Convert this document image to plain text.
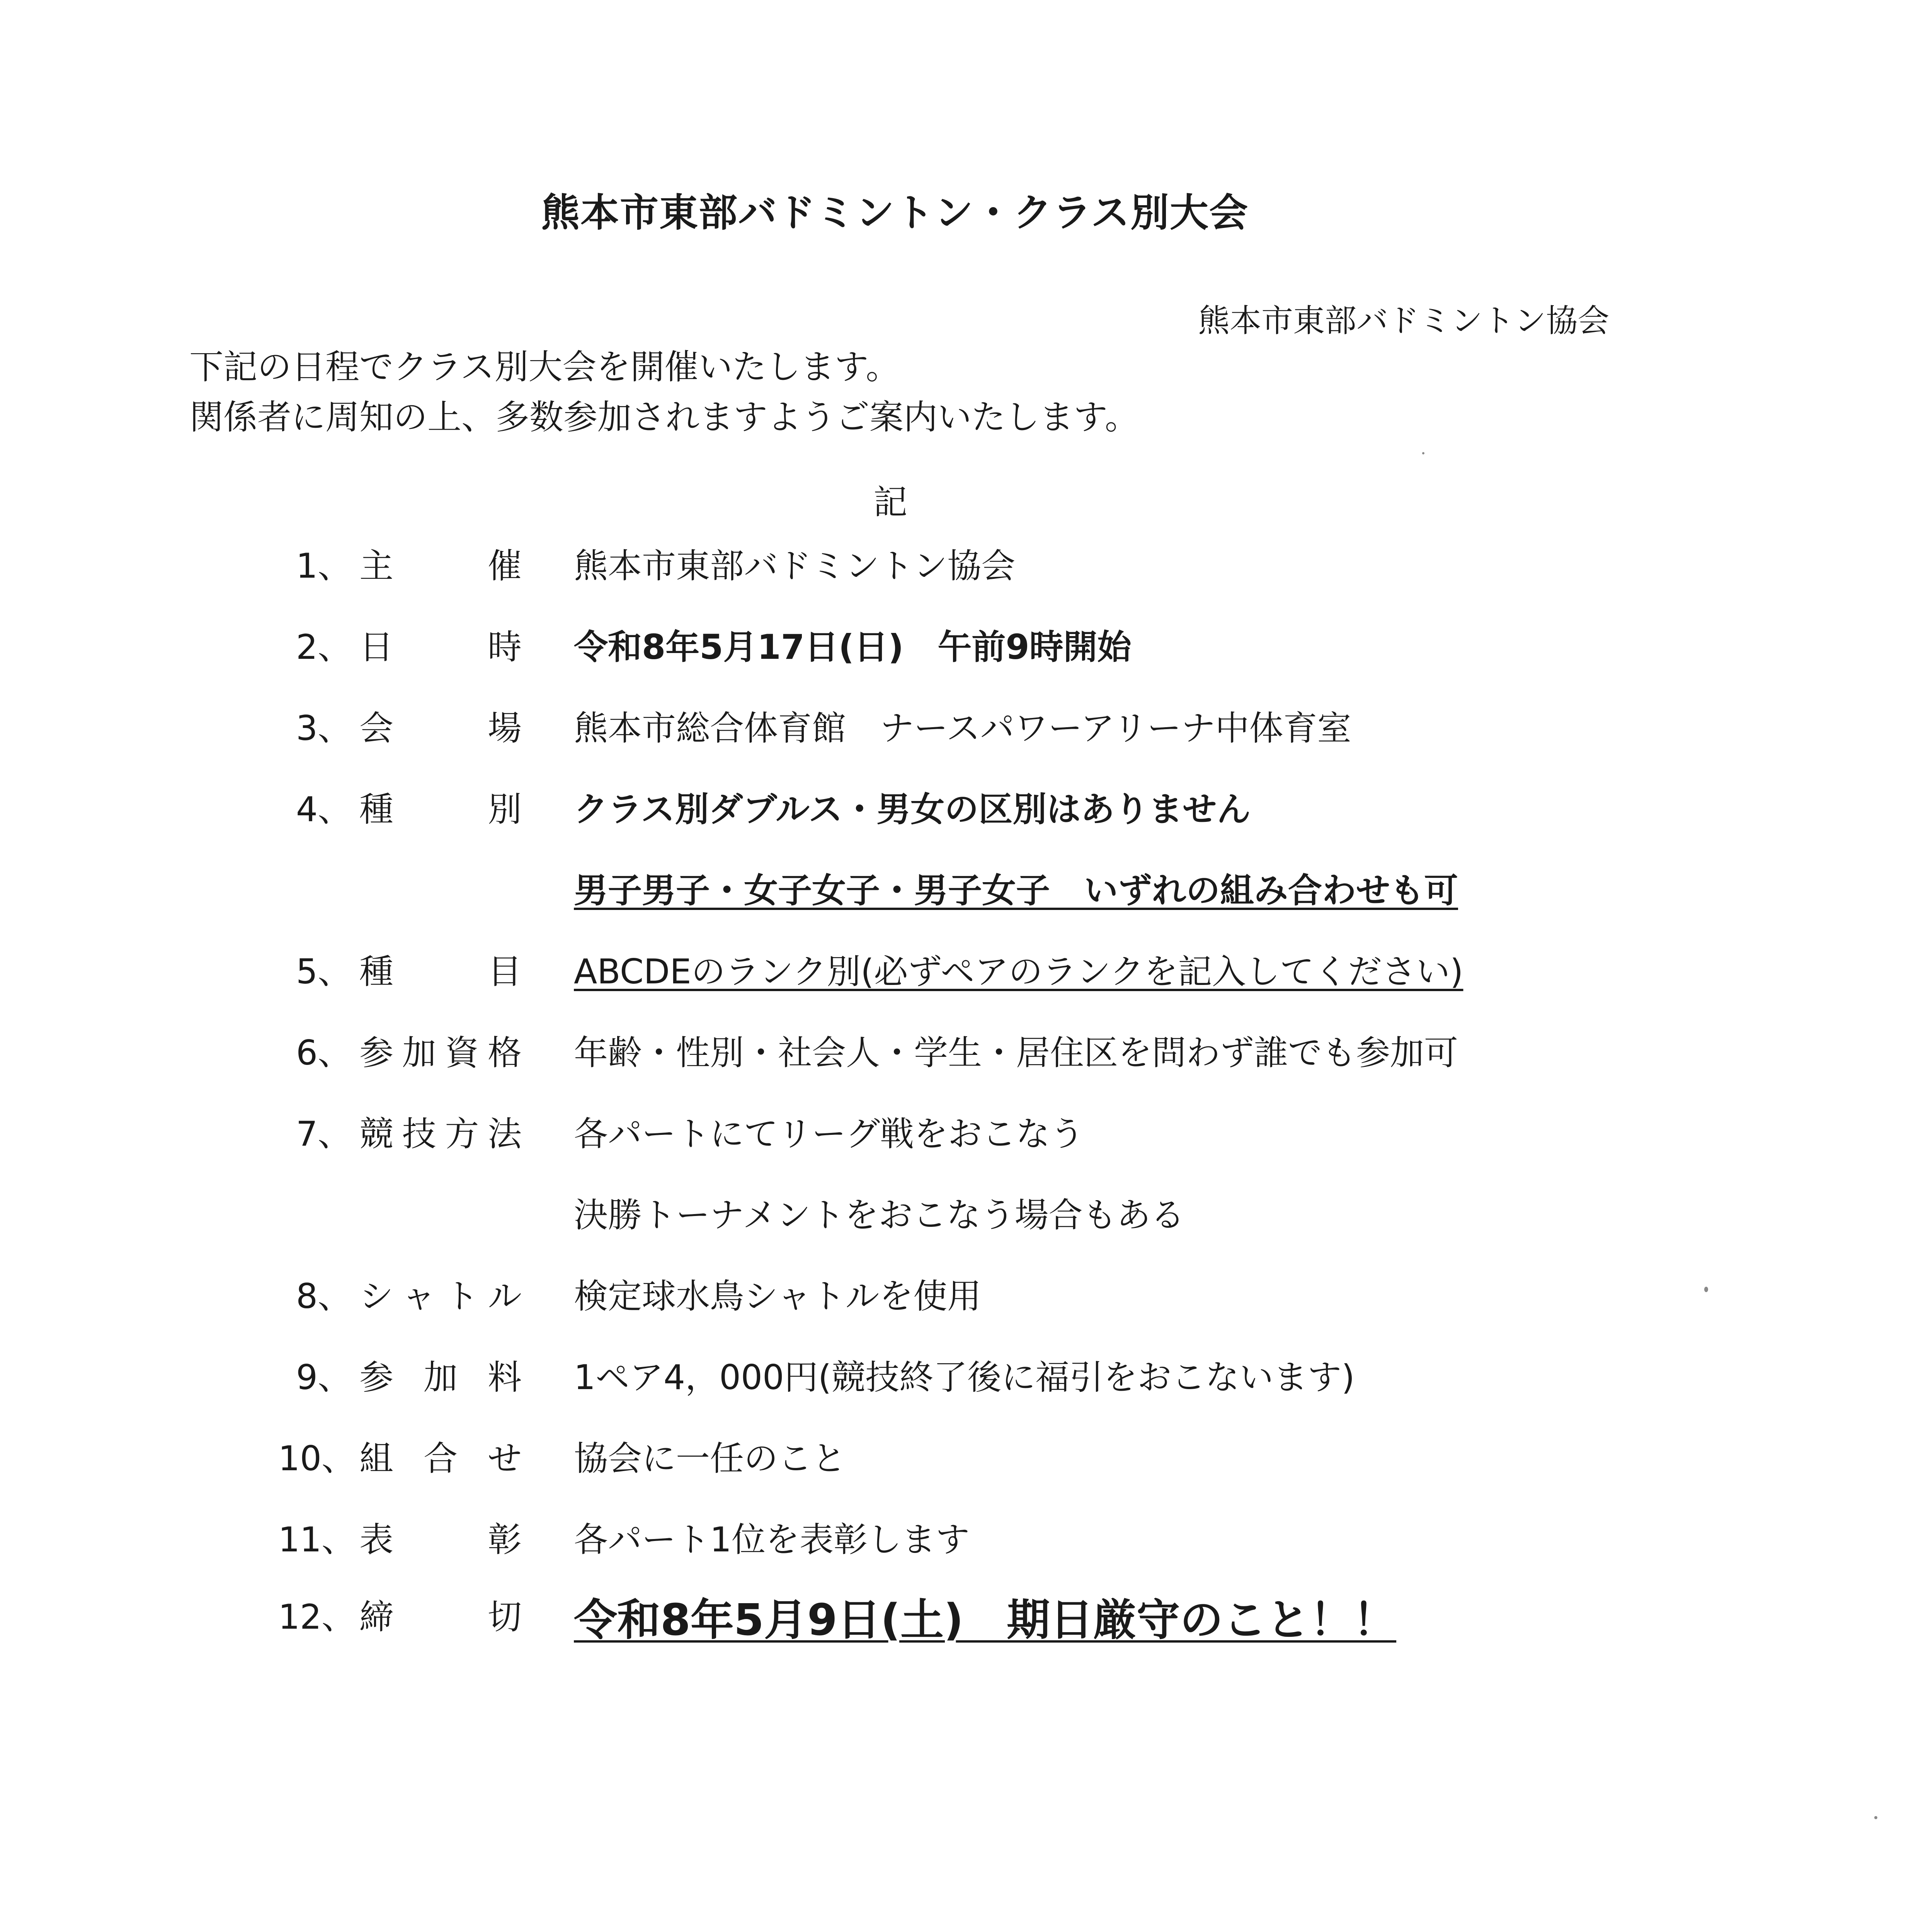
熊本市東部バドミントン・クラス別大会
熊本市東部バドミントン協会
下記の日程でクラス別大会を開催いたします。
関係者に周知の上、多数参加されますようご案内いたします。
記
1、 主　催 熊本市東部バドミントン協会
2、 日　時 令和8年5月17日(日)　午前9時開始
3、 会　場 熊本市総合体育館　ナースパワーアリーナ中体育室
4、 種　別 クラス別ダブルス・男女の区別はありません
男子男子・女子女子・男子女子　いずれの組み合わせも可
5、 種　目 ABCDEのランク別(必ずペアのランクを記入してください)
6、 参加資格 年齢・性別・社会人・学生・居住区を問わず誰でも参加可
7、 競技方法 各パートにてリーグ戦をおこなう
決勝トーナメントをおこなう場合もある
8、 シャトル 検定球水鳥シャトルを使用
9、 参加料 1ペア4，000円(競技終了後に福引をおこないます)
10、 組合せ 協会に一任のこと
11、 表　彰 各パート1位を表彰します
12、 締　切 令和8年5月9日(土)　期日厳守のこと！！
